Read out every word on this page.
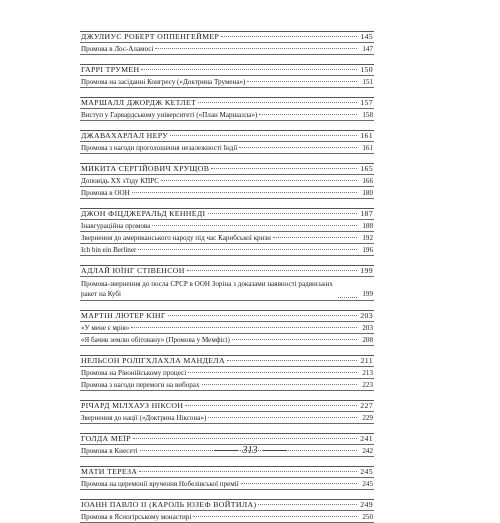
ДЖУЛИУС РОБЕРТ ОППЕНГЕЙМЕР	145
Промова в Лос-Аламосі	147
ГАРРІ ТРУМЕН	150
Промова на засіданні Конгресу («Доктрина Трумена»)	151
МАРШАЛЛ ДЖОРДЖ КЕТЛЕТ	157
Виступ у Гарвардському університеті («План Маршалла»)	158
ДЖАВАХАРЛАЛ НЕРУ	161
Промова з нагоди проголошення незалежності Індії	161
МИКИТА СЕРГІЙОВИЧ ХРУЩОВ	165
Доповідь XX з'їзду КПРС	166
Промова в ООН	180
ДЖОН ФІЦДЖЕРАЛЬД КЕННЕДІ	187
Інавгураційна промова	188
Звернення до американського народу під час Карибської кризи	192
Ich bin ein Berliner	196
АДЛАЙ ЮЇНГ СТІВЕНСОН	199
Промова-звернення до посла СРСР в ООН Зоріна з доказами наявності радянських ракет на Кубі	199
МАРТІН ЛЮТЕР КІНГ	203
«У мене є мрія»	203
«Я бачив землю обітовану» (Промова у Мемфісі)	208
НЕЛЬСОН РОЛІГХЛАХЛА МАНДЕЛА	211
Промова на Рівонійському процесі	213
Промова з нагоди перемоги на виборах	223
РІЧАРД МІЛХАУЗ НІКСОН	227
Звернення до нації («Доктрина Ніксона»)	229
ГОЛДА МЕЇР	241
Промова в Кнесеті	242
МАТИ ТЕРЕЗА	245
Промова на церемонії вручення Нобелівської премії	245
ІОАНН ПАВЛО ІІ (КАРОЛЬ ЮЗЕФ ВОЙТИЛА)	249
Промова в Ясногірському монастирі	250
313
